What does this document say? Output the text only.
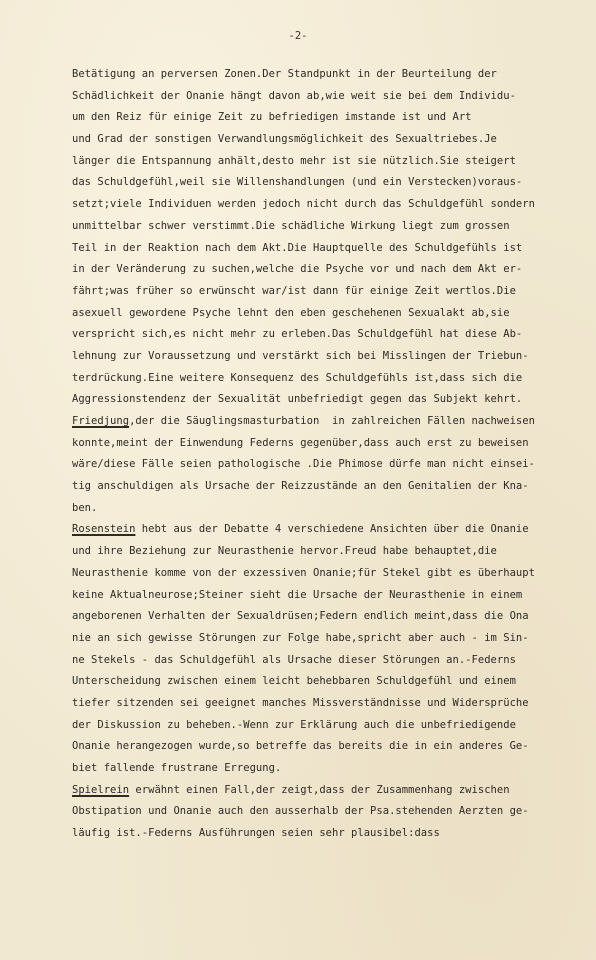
-2-
Betätigung an perversen Zonen.Der Standpunkt in der Beurteilung der
Schädlichkeit der Onanie hängt davon ab,wie weit sie bei dem Individu-
um den Reiz für einige Zeit zu befriedigen imstande ist und Art
und Grad der sonstigen Verwandlungsmöglichkeit des Sexualtriebes.Je
länger die Entspannung anhält,desto mehr ist sie nützlich.Sie steigert
das Schuldgefühl,weil sie Willenshandlungen (und ein Verstecken)voraus-
setzt;viele Individuen werden jedoch nicht durch das Schuldgefühl sondern
unmittelbar schwer verstimmt.Die schädliche Wirkung liegt zum grossen
Teil in der Reaktion nach dem Akt.Die Hauptquelle des Schuldgefühls ist
in der Veränderung zu suchen,welche die Psyche vor und nach dem Akt er-
fährt;was früher so erwünscht war/ist dann für einige Zeit wertlos.Die
asexuell gewordene Psyche lehnt den eben geschehenen Sexualakt ab,sie
verspricht sich,es nicht mehr zu erleben.Das Schuldgefühl hat diese Ab-
lehnung zur Voraussetzung und verstärkt sich bei Misslingen der Triebun-
terdrückung.Eine weitere Konsequenz des Schuldgefühls ist,dass sich die
Aggressionstendenz der Sexualität unbefriedigt gegen das Subjekt kehrt.
Friedjung,der die Säuglingsmasturbation  in zahlreichen Fällen nachweisen
konnte,meint der Einwendung Federns gegenüber,dass auch erst zu beweisen
wäre/diese Fälle seien pathologische .Die Phimose dürfe man nicht einsei-
tig anschuldigen als Ursache der Reizzustände an den Genitalien der Kna-
ben.
Rosenstein hebt aus der Debatte 4 verschiedene Ansichten über die Onanie
und ihre Beziehung zur Neurasthenie hervor.Freud habe behauptet,die
Neurasthenie komme von der exzessiven Onanie;für Stekel gibt es überhaupt
keine Aktualneurose;Steiner sieht die Ursache der Neurasthenie in einem
angeborenen Verhalten der Sexualdrüsen;Federn endlich meint,dass die Ona
nie an sich gewisse Störungen zur Folge habe,spricht aber auch - im Sin-
ne Stekels - das Schuldgefühl als Ursache dieser Störungen an.-Federns
Unterscheidung zwischen einem leicht behebbaren Schuldgefühl und einem
tiefer sitzenden sei geeignet manches Missverständnisse und Widersprüche
der Diskussion zu beheben.-Wenn zur Erklärung auch die unbefriedigende
Onanie herangezogen wurde,so betreffe das bereits die in ein anderes Ge-
biet fallende frustrane Erregung.
Spielrein erwähnt einen Fall,der zeigt,dass der Zusammenhang zwischen
Obstipation und Onanie auch den ausserhalb der Psa.stehenden Aerzten ge-
läufig ist.-Federns Ausführungen seien sehr plausibel:dass
